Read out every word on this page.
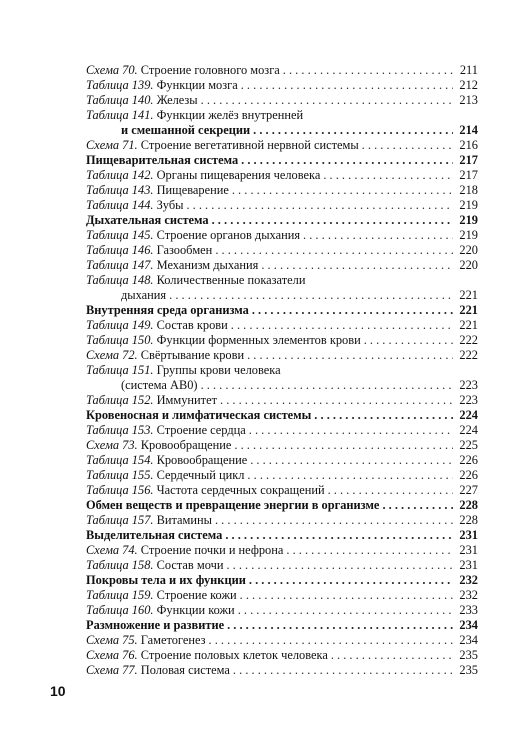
Схема 70. Строение головного мозга . . .	211
Таблица 139. Функции мозга . . .	212
Таблица 140. Железы . . .	213
Таблица 141. Функции желёз внутренней
и смешанной секреции . . .	214
Схема 71. Строение вегетативной нервной системы . . .	216
Пищеварительная система . . .	217
Таблица 142. Органы пищеварения человека . . .	217
Таблица 143. Пищеварение . . .	218
Таблица 144. Зубы . . .	219
Дыхательная система . . .	219
Таблица 145. Строение органов дыхания . . .	219
Таблица 146. Газообмен . . .	220
Таблица 147. Механизм дыхания . . .	220
Таблица 148. Количественные показатели
дыхания . . .	221
Внутренняя среда организма . . .	221
Таблица 149. Состав крови . . .	221
Таблица 150. Функции форменных элементов крови . . .	222
Схема 72. Свёртывание крови . . .	222
Таблица 151. Группы крови человека
(система АВ0) . . .	223
Таблица 152. Иммунитет . . .	223
Кровеносная и лимфатическая системы . . .	224
Таблица 153. Строение сердца . . .	224
Схема 73. Кровообращение . . .	225
Таблица 154. Кровообращение . . .	226
Таблица 155. Сердечный цикл . . .	226
Таблица 156. Частота сердечных сокращений . . .	227
Обмен веществ и превращение энергии в организме . . .	228
Таблица 157. Витамины . . .	228
Выделительная система . . .	231
Схема 74. Строение почки и нефрона . . .	231
Таблица 158. Состав мочи . . .	231
Покровы тела и их функции . . .	232
Таблица 159. Строение кожи . . .	232
Таблица 160. Функции кожи . . .	233
Размножение и развитие . . .	234
Схема 75. Гаметогенез . . .	234
Схема 76. Строение половых клеток человека . . .	235
Схема 77. Половая система . . .	235
10
